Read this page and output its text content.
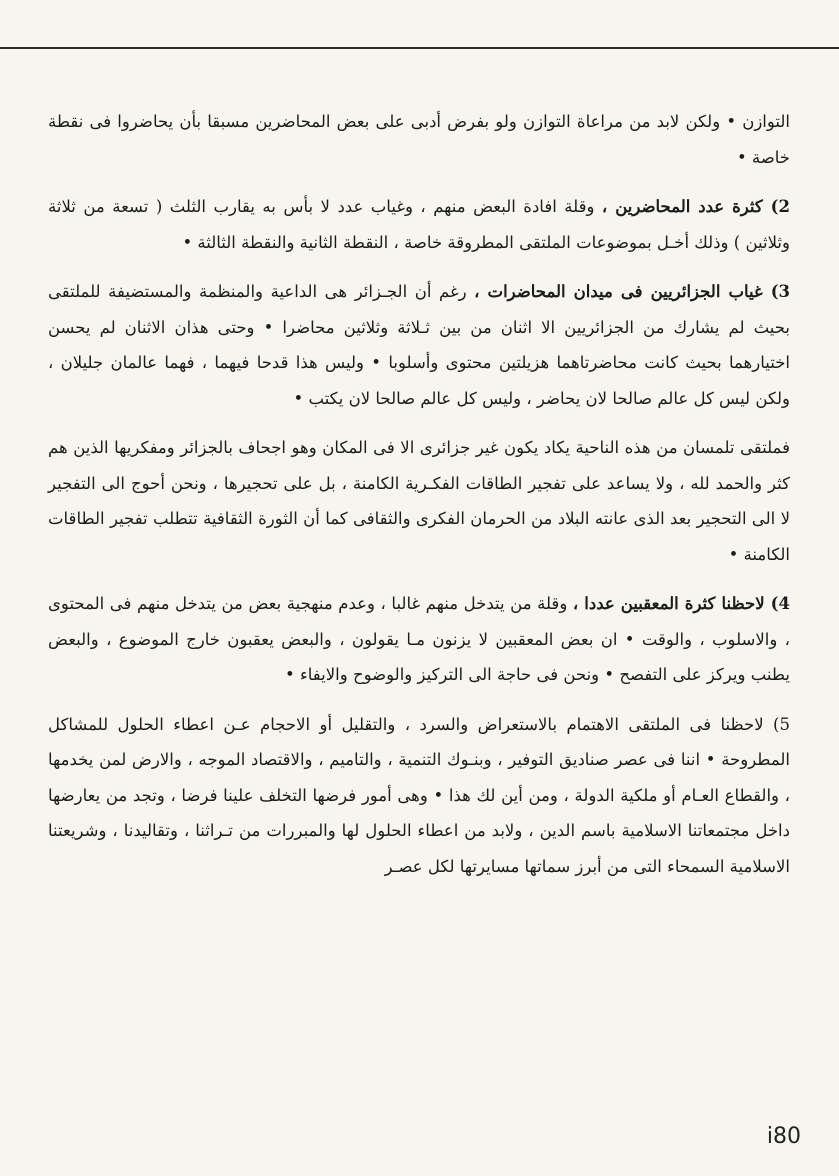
التوازن • ولكن لابد من مراعاة التوازن ولو بفرض أدبى على بعض المحاضرين مسبقا بأن يحاضروا فى نقطة خاصة •

2) كثرة عدد المحاضرين ، وقلة افادة البعض منهم ، وغياب عدد لا بأس به يقارب الثلث ( تسعة من ثلاثة وثلاثين ) وذلك أخـل بموضوعات الملتقى المطروقة خاصة ، النقطة الثانية والنقطة الثالثة •

3) غياب الجزائريين فى ميدان المحاضرات ، رغم أن الجـزائر هى الداعية والمنظمة والمستضيفة للملتقى بحيث لم يشارك من الجزائريين الا اثنان من بين ثـلاثة وثلاثين محاضرا • وحتى هذان الاثنان لم يحسن اختيارهما بحيث كانت محاضرتاهما هزيلتين محتوى وأسلوبا • وليس هذا قدحا فيهما ، فهما عالمان جليلان ، ولكن ليس كل عالم صالحا لان يحاضر ، وليس كل عالم صالحا لان يكتب •

فملتقى تلمسان من هذه الناحية يكاد يكون غير جزائرى الا فى المكان وهو اجحاف بالجزائر ومفكريها الذين هم كثر والحمد لله ، ولا يساعد على تفجير الطاقات الفكـرية الكامنة ، بل على تحجيرها ، ونحن أحوج الى التفجير لا الى التحجير بعد الذى عانته البلاد من الحرمان الفكرى والثقافى كما أن الثورة الثقافية تتطلب تفجير الطاقات الكامنة •

4) لاحظنا كثرة المعقبين عددا ، وقلة من يتدخل منهم غالبا ، وعدم منهجية بعض من يتدخل منهم فى المحتوى ، والاسلوب ، والوقت • ان بعض المعقبين لا يزنون مـا يقولون ، والبعض يعقبون خارج الموضوع ، والبعض يطنب ويركز على التفصح • ونحن فى حاجة الى التركيز والوضوح والايفاء •

5) لاحظنا فى الملتقى الاهتمام بالاستعراض والسرد ، والتقليل أو الاحجام عـن اعطاء الحلول للمشاكل المطروحة • اننا فى عصر صناديق التوفير ، وبنـوك التنمية ، والتاميم ، والاقتصاد الموجه ، والارض لمن يخدمها ، والقطاع العـام أو ملكية الدولة ، ومن أين لك هذا • وهى أمور فرضها التخلف علينا فرضا ، وتجد من يعارضها داخل مجتمعاتنا الاسلامية باسم الدين ، ولابد من اعطاء الحلول لها والمبررات من تـراثنا ، وتقاليدنا ، وشريعتنا الاسلامية السمحاء التى من أبرز سماتها مسايرتها لكل عصـر

i80
